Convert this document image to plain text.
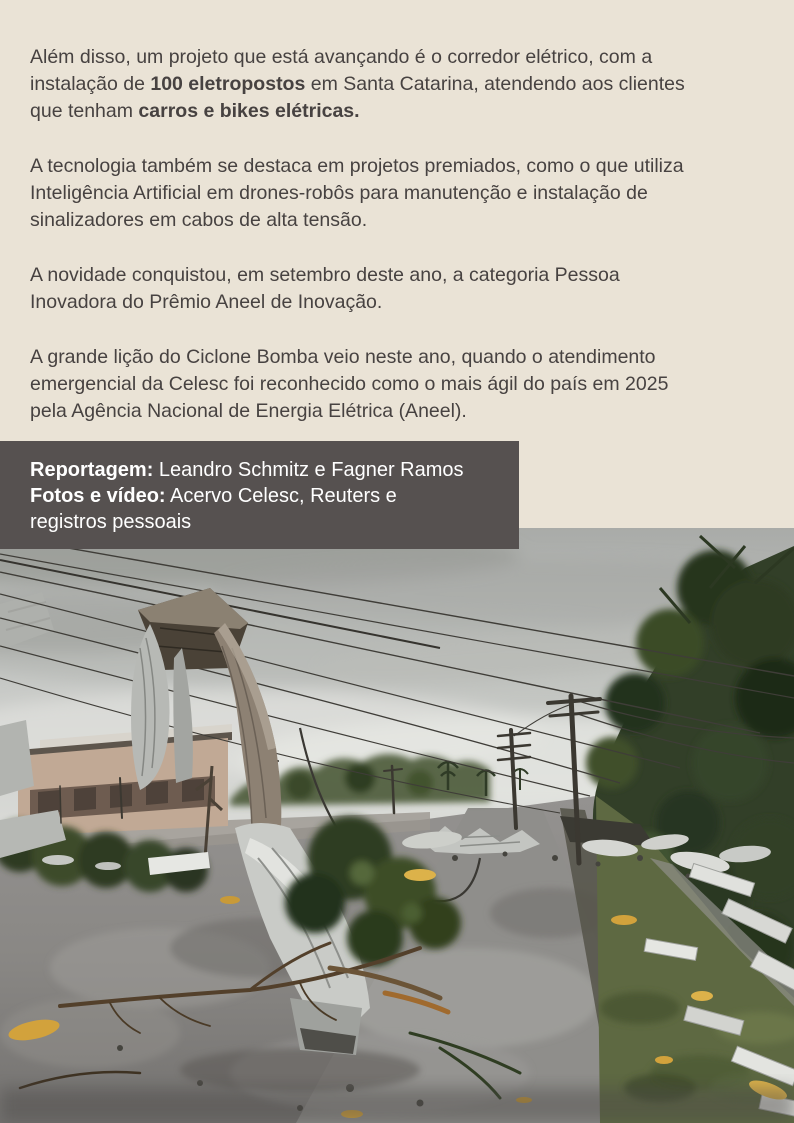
Além disso, um projeto que está avançando é o corredor elétrico, com a
instalação de 100 eletropostos em Santa Catarina, atendendo aos clientes
que tenham carros e bikes elétricas.

A tecnologia também se destaca em projetos premiados, como o que utiliza
Inteligência Artificial em drones-robôs para manutenção e instalação de
sinalizadores em cabos de alta tensão.

A novidade conquistou, em setembro deste ano, a categoria Pessoa
Inovadora do Prêmio Aneel de Inovação.

A grande lição do Ciclone Bomba veio neste ano, quando o atendimento
emergencial da Celesc foi reconhecido como o mais ágil do país em 2025
pela Agência Nacional de Energia Elétrica (Aneel).

Reportagem: Leandro Schmitz e Fagner Ramos
Fotos e vídeo: Acervo Celesc, Reuters e
registros pessoais
